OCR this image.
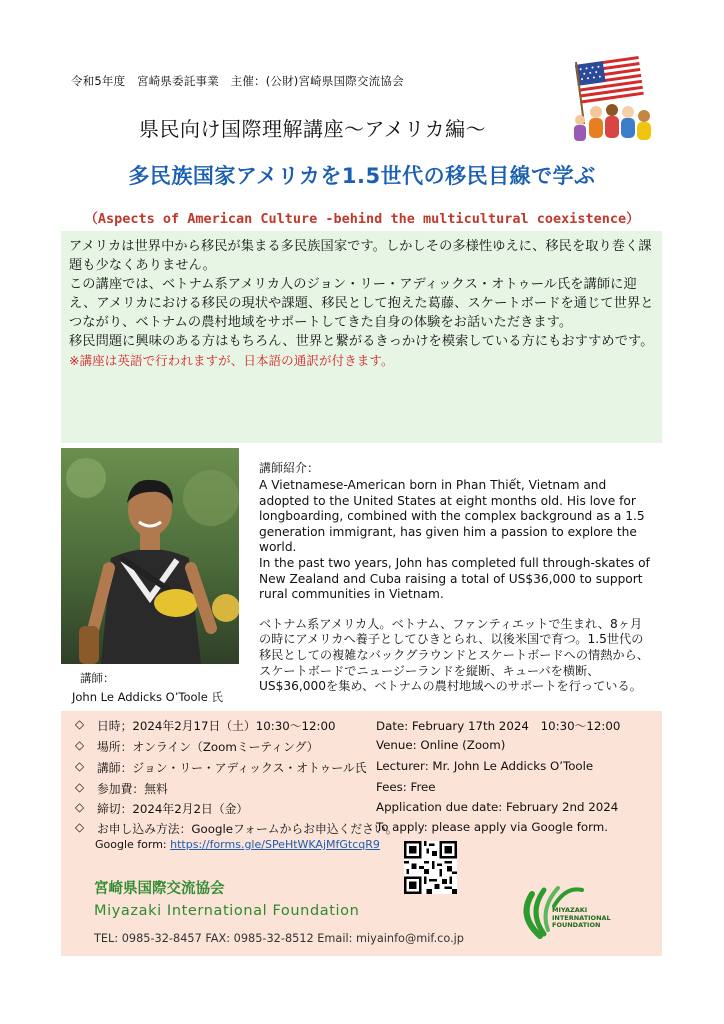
令和5年度　宮崎県委託事業　主催：(公財)宮崎県国際交流協会
県民向け国際理解講座～アメリカ編～
多民族国家アメリカを1.5世代の移民目線で学ぶ
（Aspects of American Culture -behind the multicultural coexistence）

アメリカは世界中から移民が集まる多民族国家です。しかしその多様性ゆえに、移民を取り巻く課題も少なくありません。

この講座では、ベトナム系アメリカ人のジョン・リー・アディックス・オトゥール氏を講師に迎え、アメリカにおける移民の現状や課題、移民として抱えた葛藤、スケートボードを通じて世界とつながり、ベトナムの農村地域をサポートしてきた自身の体験をお話いただきます。

移民問題に興味のある方はもちろん、世界と繋がるきっかけを模索している方にもおすすめです。

※講座は英語で行われますが、日本語の通訳が付きます。

講師：
John Le Addicks O’Toole 氏
講師紹介：
A Vietnamese-American born in Phan Thiết, Vietnam and adopted to the United States at eight months old. His love for longboarding, combined with the complex background as a 1.5 generation immigrant, has given him a passion to explore the world.
In the past two years, John has completed full through-skates of New Zealand and Cuba raising a total of US$36,000 to support rural communities in Vietnam.
ベトナム系アメリカ人。ベトナム、ファンティエットで生まれ、8ヶ月の時にアメリカへ養子としてひきとられ、以後米国で育つ。1.5世代の移民としての複雑なバックグラウンドとスケートボードへの情熱から、スケートボードでニュージーランドを縦断、キューバを横断、US$36,000を集め、ベトナムの農村地域へのサポートを行っている。
◇	日時；2024年2月17日（土）10:30～12:00	Date: February 17th 2024　10:30～12:00
◇	場所：オンライン（Zoomミーティング）	Venue: Online (Zoom)
◇	講師：ジョン・リー・アディックス・オトゥール氏 Lecturer: Mr. John Le Addicks O’Toole
◇	参加費：無料	Fees: Free
◇	締切：2024年2月2日（金）	Application due date: February 2nd 2024
◇	お申し込み方法：Googleフォームからお申込ください。
To apply: please apply via Google form.
Google form: https://forms.gle/SPeHtWKAjMfGtcqR9
宮崎県国際交流協会
Miyazaki International Foundation
TEL: 0985-32-8457 FAX: 0985-32-8512 Email: miyainfo@mif.co.jp
MIYAZAKI
INTERNATIONAL
FOUNDATION
